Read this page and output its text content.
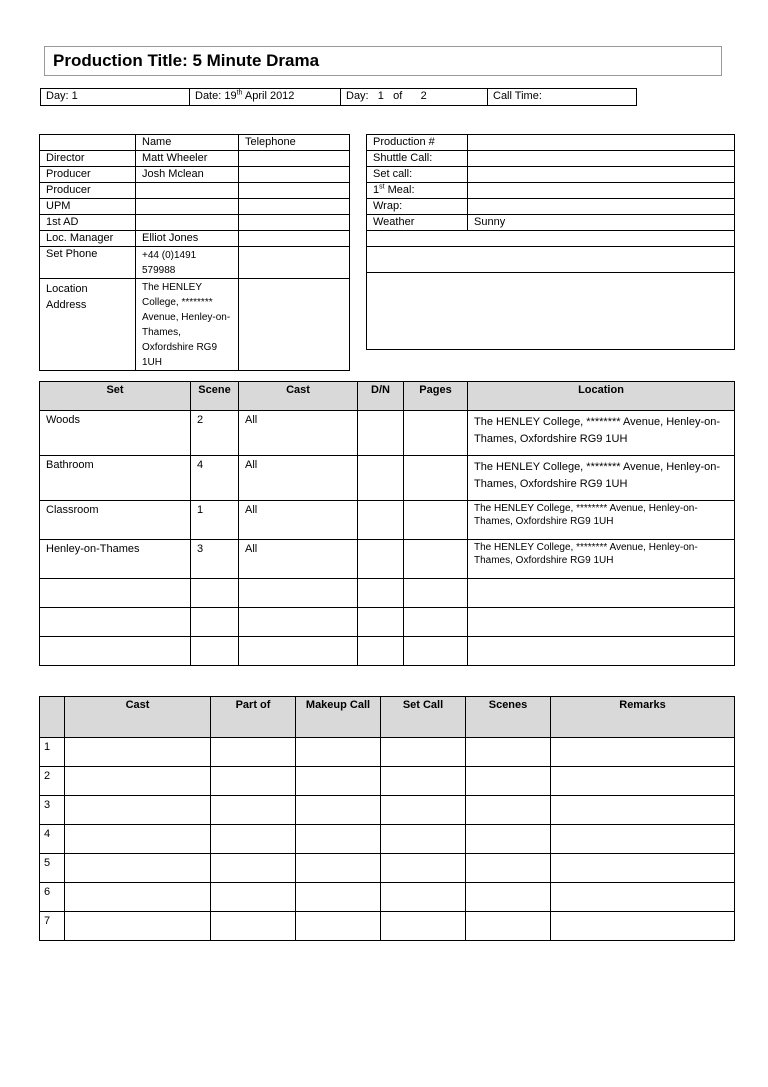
Production Title: 5 Minute Drama
Day: 1	Date: 19th April 2012	Day:   1   of      2	Call Time:
	Name	Telephone
Director	Matt Wheeler	
Producer	Josh Mclean	
Producer		
UPM		
1st AD		
Loc. Manager	Elliot Jones	
Set Phone	+44 (0)1491 579988	
Location Address	The HENLEY College, ******** Avenue, Henley-on-Thames, Oxfordshire RG9 1UH	
Production #	
Shuttle Call:	
Set call:	
1st Meal:	
Wrap:	
Weather	Sunny

Set	Scene	Cast	D/N	Pages	Location
Woods	2	All			The HENLEY College, ******** Avenue, Henley-on-Thames, Oxfordshire RG9 1UH
Bathroom	4	All			The HENLEY College, ******** Avenue, Henley-on-Thames, Oxfordshire RG9 1UH
Classroom	1	All			The HENLEY College, ******** Avenue, Henley-on-Thames, Oxfordshire RG9 1UH
Henley-on-Thames	3	All			The HENLEY College, ******** Avenue, Henley-on-Thames, Oxfordshire RG9 1UH

	Cast	Part of	Makeup Call	Set Call	Scenes	Remarks
1						
2						
3						
4						
5						
6						
7						
